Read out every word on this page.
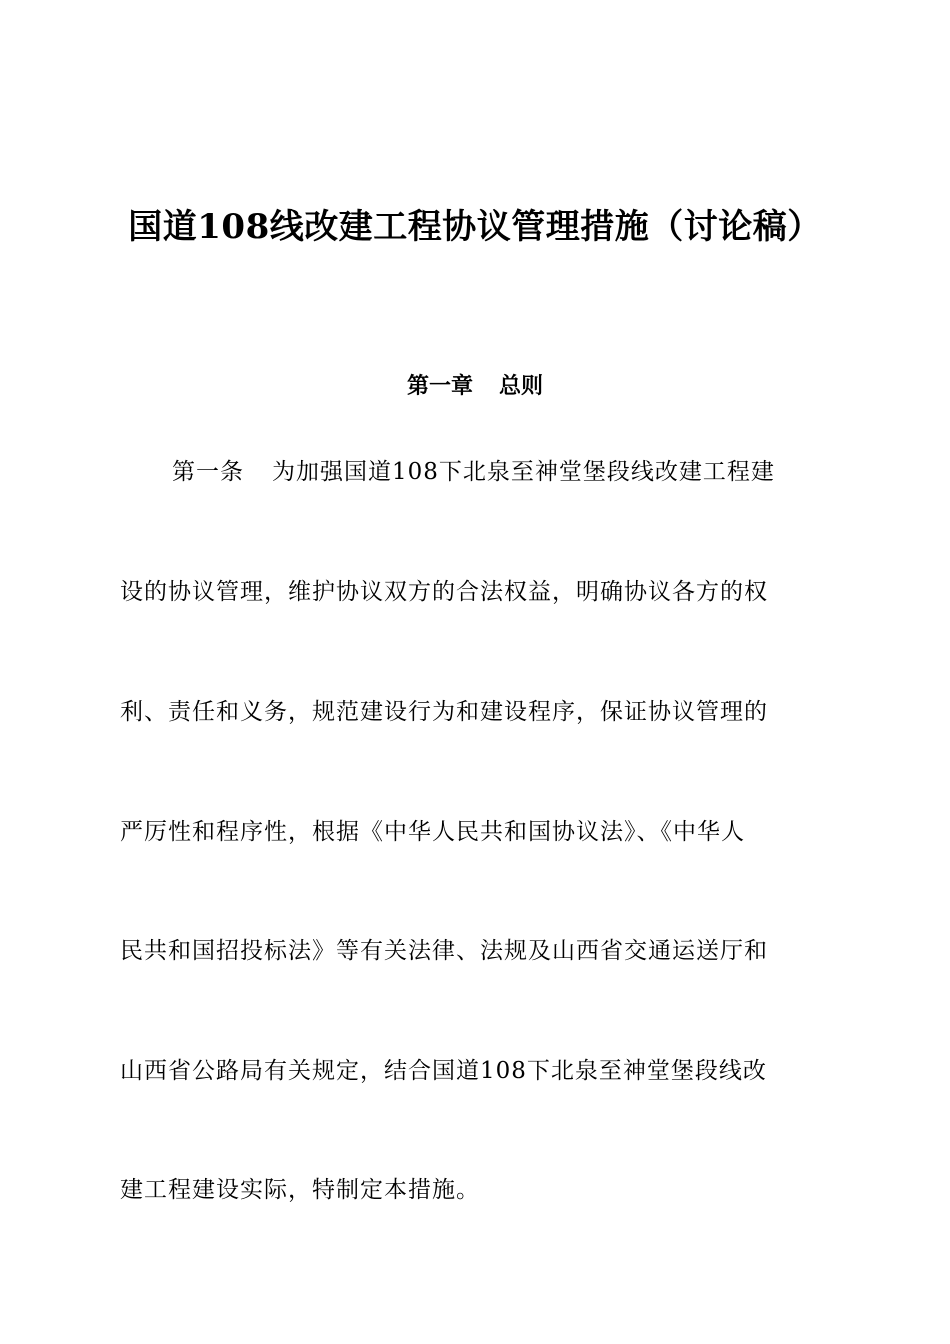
国道108线改建工程协议管理措施（讨论稿）
第一章 总则

第一条 为加强国道108下北泉至神堂堡段线改建工程建

设的协议管理，维护协议双方的合法权益，明确协议各方的权

利、责任和义务，规范建设行为和建设程序，保证协议管理的

严厉性和程序性，根据《中华人民共和国协议法》、《中华人

民共和国招投标法》等有关法律、法规及山西省交通运送厅和

山西省公路局有关规定，结合国道108下北泉至神堂堡段线改

建工程建设实际，特制定本措施。
